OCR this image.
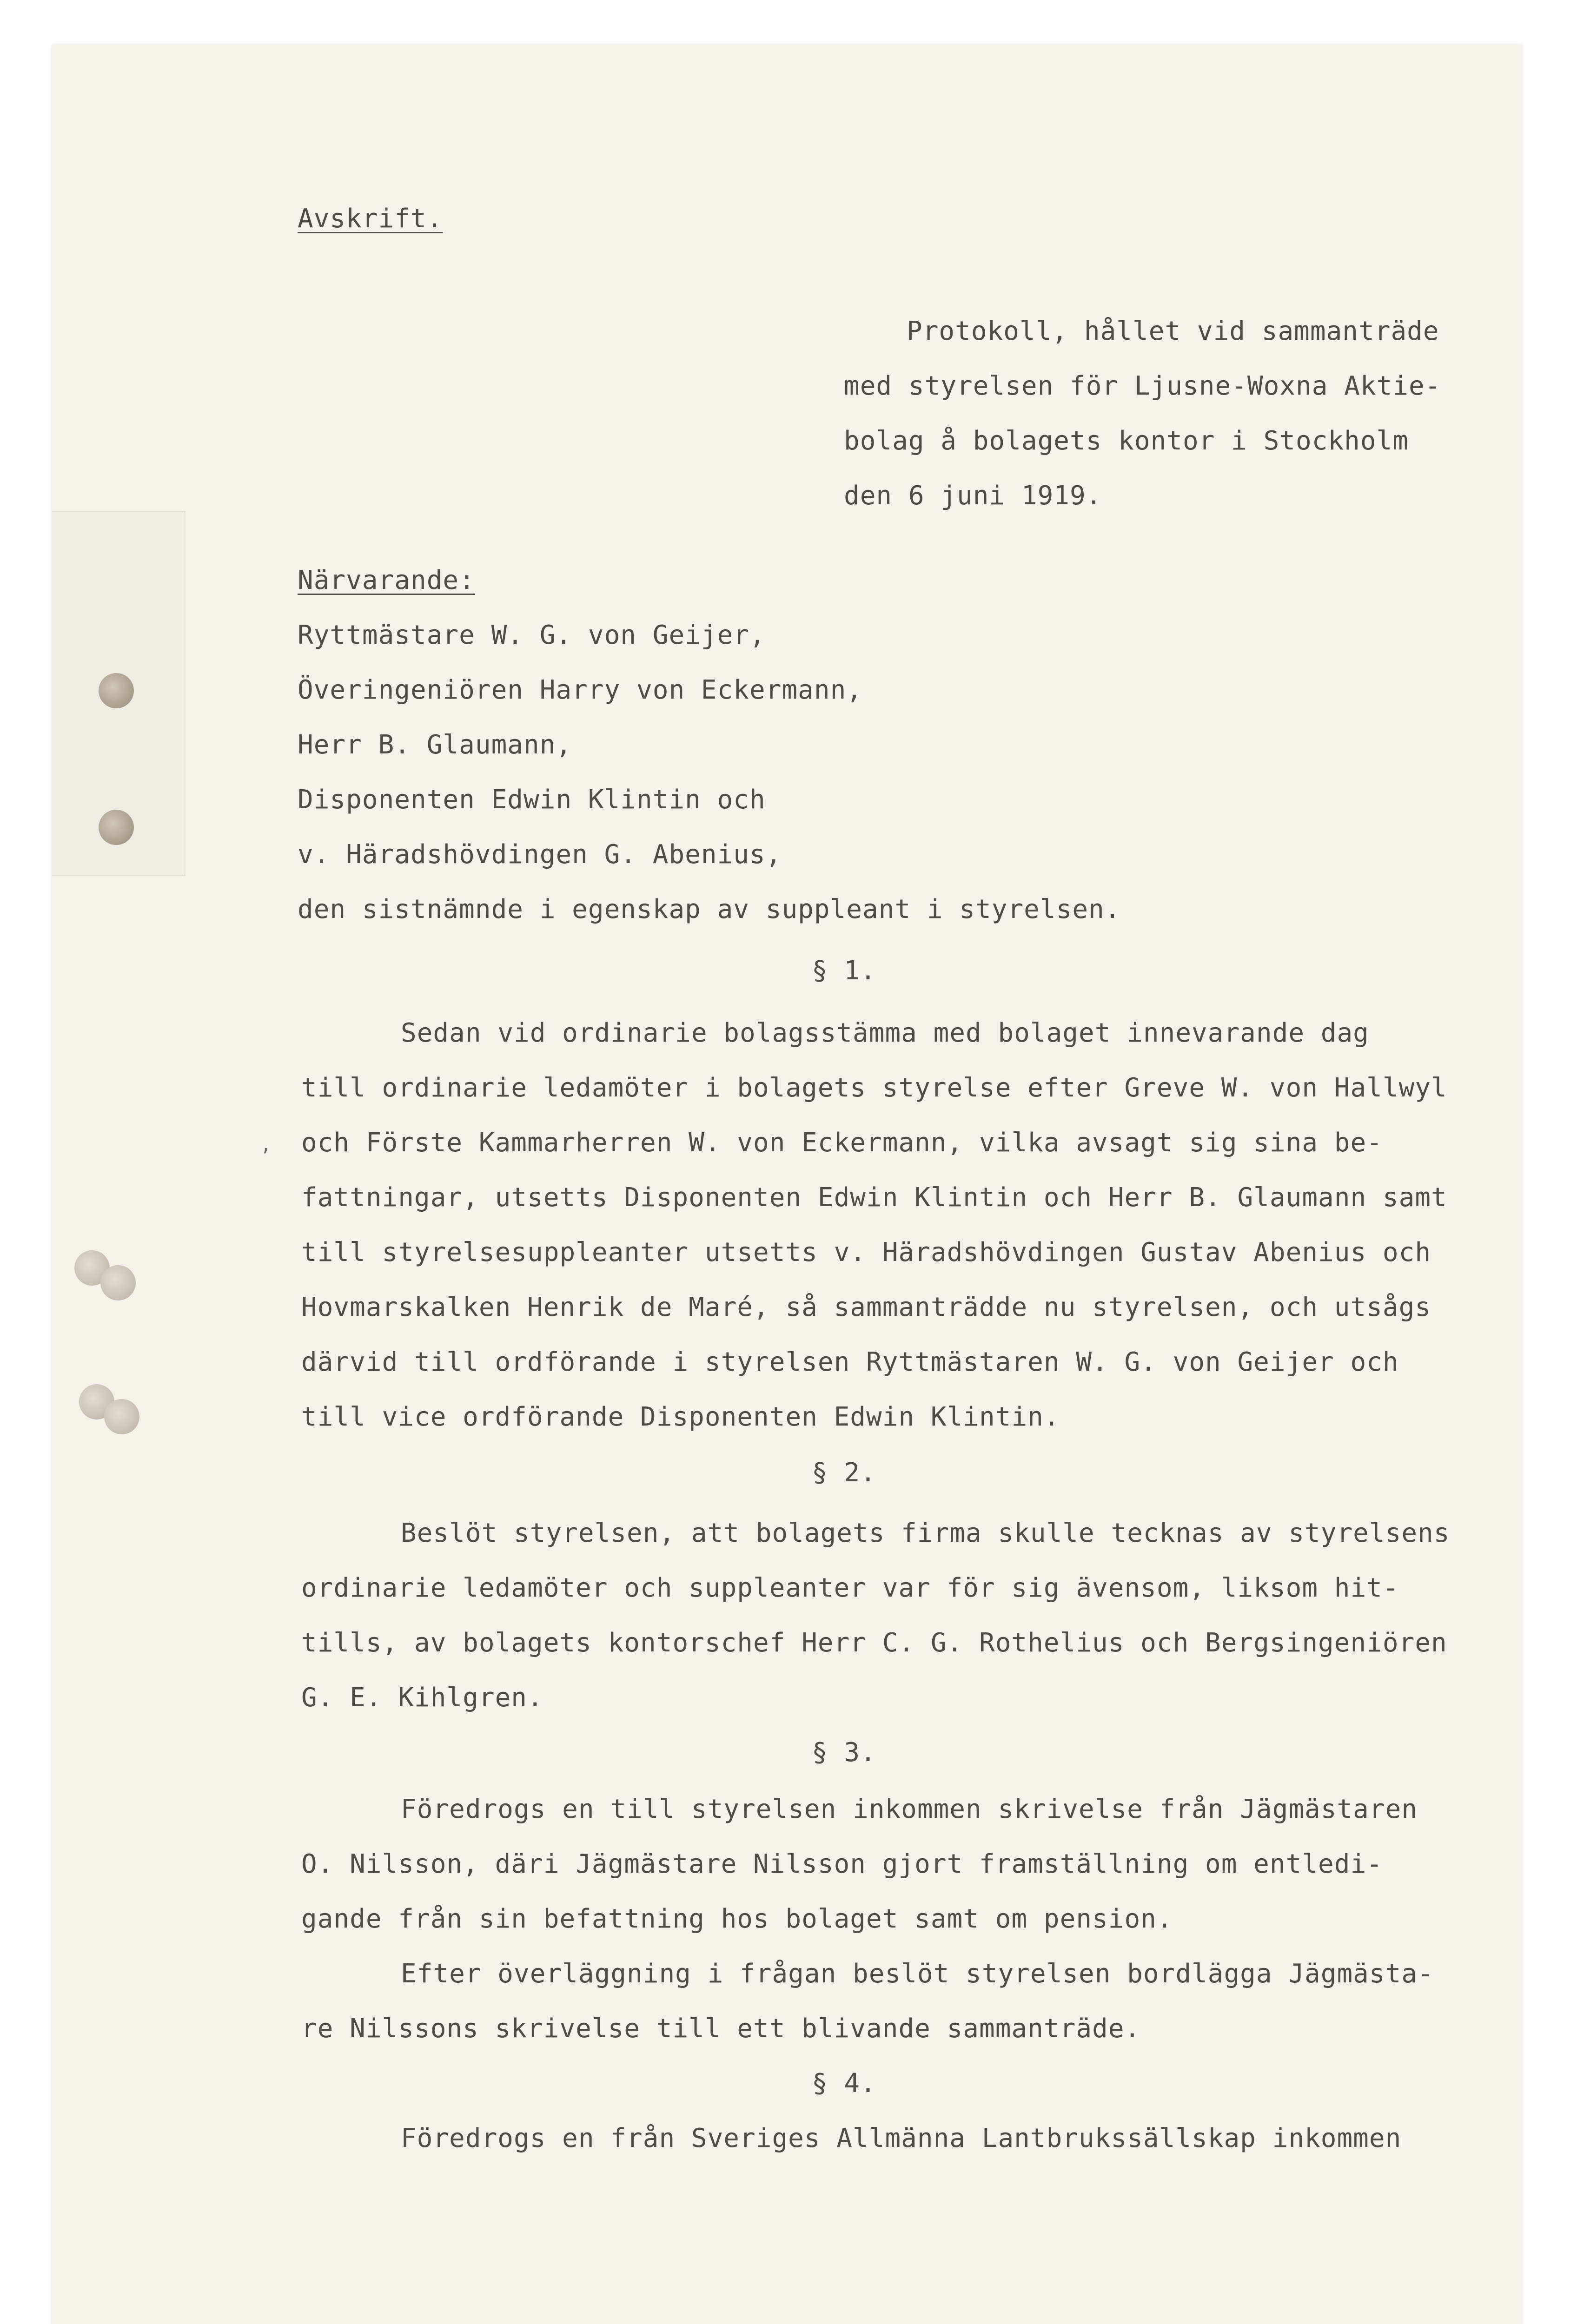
Avskrift.
Protokoll, hållet vid sammanträde
med styrelsen för Ljusne-Woxna Aktie-
bolag å bolagets kontor i Stockholm
den 6 juni 1919.
Närvarande:
Ryttmästare W. G. von Geijer,
Överingeniören Harry von Eckermann,
Herr B. Glaumann,
Disponenten Edwin Klintin och
v. Häradshövdingen G. Abenius,
den sistnämnde i egenskap av suppleant i styrelsen.
§ 1.
Sedan vid ordinarie bolagsstämma med bolaget innevarande dag
till ordinarie ledamöter i bolagets styrelse efter Greve W. von Hallwyl
och Förste Kammarherren W. von Eckermann, vilka avsagt sig sina be-
fattningar, utsetts Disponenten Edwin Klintin och Herr B. Glaumann samt
till styrelsesuppleanter utsetts v. Häradshövdingen Gustav Abenius och
Hovmarskalken Henrik de Maré, så sammanträdde nu styrelsen, och utsågs
därvid till ordförande i styrelsen Ryttmästaren W. G. von Geijer och
till vice ordförande Disponenten Edwin Klintin.
‚
§ 2.
Beslöt styrelsen, att bolagets firma skulle tecknas av styrelsens
ordinarie ledamöter och suppleanter var för sig ävensom, liksom hit-
tills, av bolagets kontorschef Herr C. G. Rothelius och Bergsingeniören
G. E. Kihlgren.
§ 3.
Föredrogs en till styrelsen inkommen skrivelse från Jägmästaren
O. Nilsson, däri Jägmästare Nilsson gjort framställning om entledi-
gande från sin befattning hos bolaget samt om pension.
Efter överläggning i frågan beslöt styrelsen bordlägga Jägmästa-
re Nilssons skrivelse till ett blivande sammanträde.
§ 4.
Föredrogs en från Sveriges Allmänna Lantbrukssällskap inkommen
